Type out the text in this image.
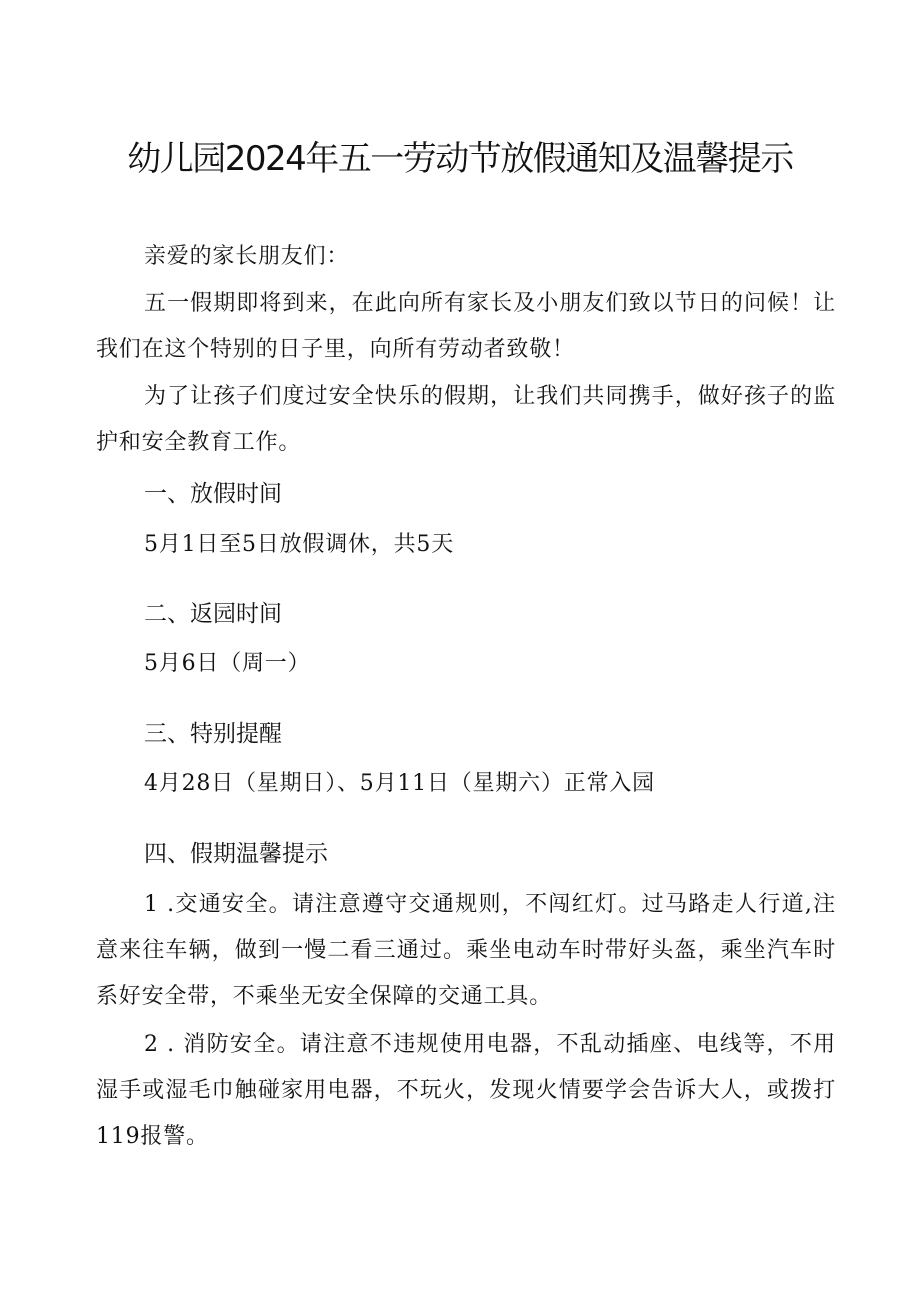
幼儿园2024年五一劳动节放假通知及温馨提示

亲爱的家长朋友们：

五一假期即将到来，在此向所有家长及小朋友们致以节日的问候！让我们在这个特别的日子里，向所有劳动者致敬！

为了让孩子们度过安全快乐的假期，让我们共同携手，做好孩子的监护和安全教育工作。

一、放假时间

5月1日至5日放假调休，共5天

二、返园时间

5月6日（周一）

三、特别提醒

4月28日（星期日）、5月11日（星期六）正常入园

四、假期温馨提示

1 .交通安全。请注意遵守交通规则，不闯红灯。过马路走人行道,注意来往车辆，做到一慢二看三通过。乘坐电动车时带好头盔，乘坐汽车时系好安全带，不乘坐无安全保障的交通工具。

2 . 消防安全。请注意不违规使用电器，不乱动插座、电线等，不用湿手或湿毛巾触碰家用电器，不玩火，发现火情要学会告诉大人，或拨打119报警。
